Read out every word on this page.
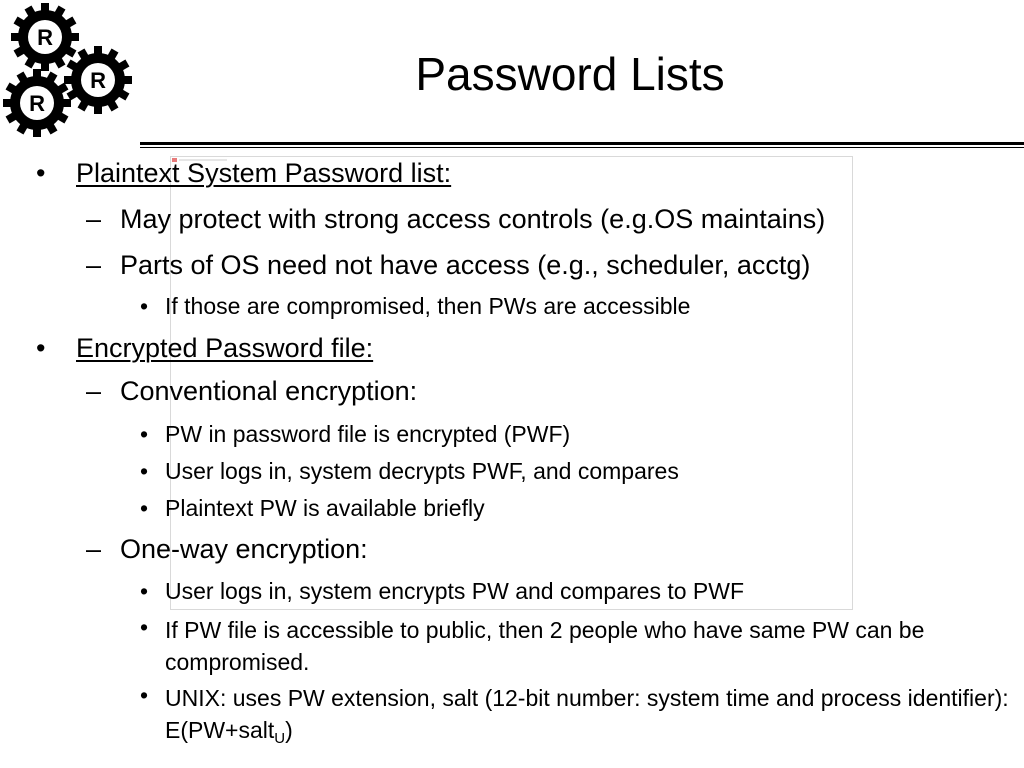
R
R
R
Password Lists
•	Plaintext System Password list:
– May protect with strong access controls (e.g.OS maintains)
– Parts of OS need not have access (e.g., scheduler, acctg)
• If those are compromised, then PWs are accessible
•	Encrypted Password file:
– Conventional encryption:
• PW in password file is encrypted (PWF)
• User logs in, system decrypts PWF, and compares
• Plaintext PW is available briefly
– One-way encryption:
• User logs in, system encrypts PW and compares to PWF
• If PW file is accessible to public, then 2 people who have same PW can be compromised.
• UNIX: uses PW extension, salt (12-bit number: system time and process identifier): E(PW+salt$_U$)
